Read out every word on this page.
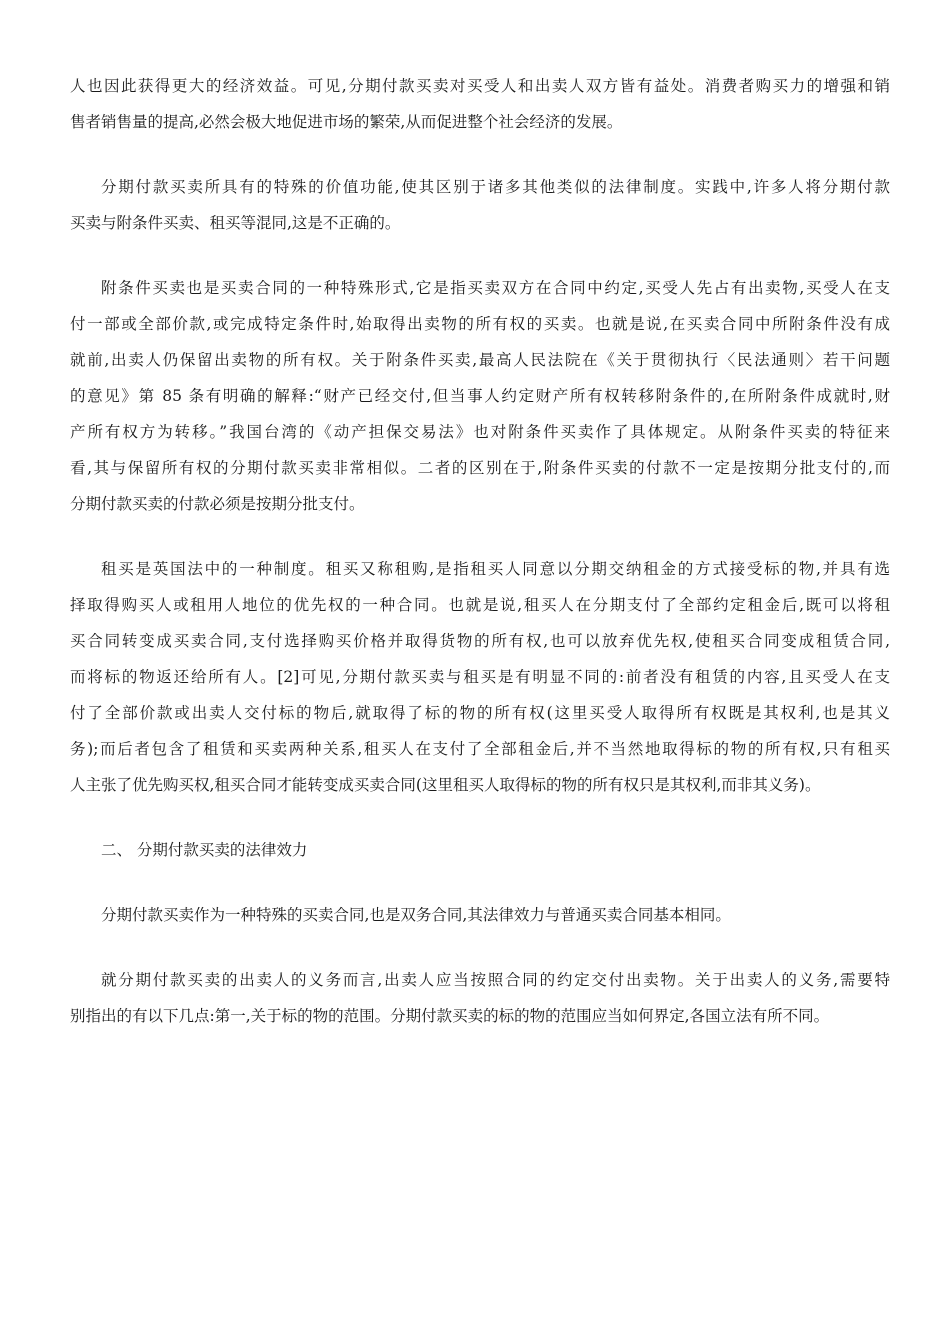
人也因此获得更大的经济效益。可见,分期付款买卖对买受人和出卖人双方皆有益处。消费者购买力的增强和销
售者销售量的提高,必然会极大地促进市场的繁荣,从而促进整个社会经济的发展。
分期付款买卖所具有的特殊的价值功能,使其区别于诸多其他类似的法律制度。实践中,许多人将分期付款
买卖与附条件买卖、租买等混同,这是不正确的。
附条件买卖也是买卖合同的一种特殊形式,它是指买卖双方在合同中约定,买受人先占有出卖物,买受人在支
付一部或全部价款,或完成特定条件时,始取得出卖物的所有权的买卖。也就是说,在买卖合同中所附条件没有成
就前,出卖人仍保留出卖物的所有权。关于附条件买卖,最高人民法院在《关于贯彻执行〈民法通则〉若干问题
的意见》第 85 条有明确的解释:“财产已经交付,但当事人约定财产所有权转移附条件的,在所附条件成就时,财
产所有权方为转移。”我国台湾的《动产担保交易法》也对附条件买卖作了具体规定。从附条件买卖的特征来
看,其与保留所有权的分期付款买卖非常相似。二者的区别在于,附条件买卖的付款不一定是按期分批支付的,而
分期付款买卖的付款必须是按期分批支付。
租买是英国法中的一种制度。租买又称租购,是指租买人同意以分期交纳租金的方式接受标的物,并具有选
择取得购买人或租用人地位的优先权的一种合同。也就是说,租买人在分期支付了全部约定租金后,既可以将租
买合同转变成买卖合同,支付选择购买价格并取得货物的所有权,也可以放弃优先权,使租买合同变成租赁合同,
而将标的物返还给所有人。[2]可见,分期付款买卖与租买是有明显不同的:前者没有租赁的内容,且买受人在支
付了全部价款或出卖人交付标的物后,就取得了标的物的所有权(这里买受人取得所有权既是其权利,也是其义
务);而后者包含了租赁和买卖两种关系,租买人在支付了全部租金后,并不当然地取得标的物的所有权,只有租买
人主张了优先购买权,租买合同才能转变成买卖合同(这里租买人取得标的物的所有权只是其权利,而非其义务)。
二、 分期付款买卖的法律效力
分期付款买卖作为一种特殊的买卖合同,也是双务合同,其法律效力与普通买卖合同基本相同。
就分期付款买卖的出卖人的义务而言,出卖人应当按照合同的约定交付出卖物。关于出卖人的义务,需要特
别指出的有以下几点:第一,关于标的物的范围。分期付款买卖的标的物的范围应当如何界定,各国立法有所不同。
